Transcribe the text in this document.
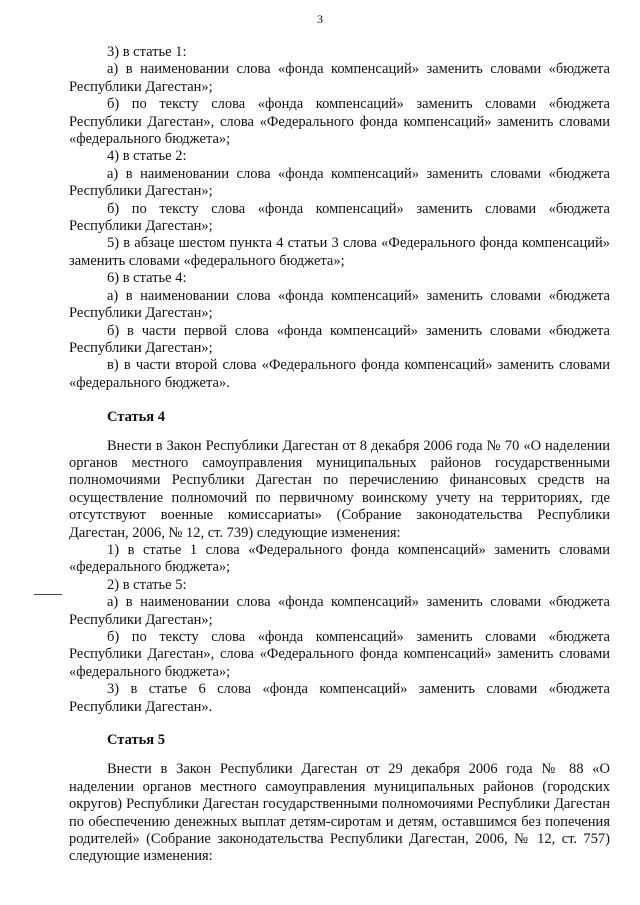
3

3) в статье 1:

а) в наименовании слова «фонда компенсаций» заменить словами «бюджета Республики Дагестан»;

б) по тексту слова «фонда компенсаций» заменить словами «бюджета Республики Дагестан», слова «Федерального фонда компенсаций» заменить словами «федерального бюджета»;

4) в статье 2:

а) в наименовании слова «фонда компенсаций» заменить словами «бюджета Республики Дагестан»;

б) по тексту слова «фонда компенсаций» заменить словами «бюджета Республики Дагестан»;

5) в абзаце шестом пункта 4 статьи 3 слова «Федерального фонда компенсаций» заменить словами «федерального бюджета»;

6) в статье 4:

а) в наименовании слова «фонда компенсаций» заменить словами «бюджета Республики Дагестан»;

б) в части первой слова «фонда компенсаций» заменить словами «бюджета Республики Дагестан»;

в) в части второй слова «Федерального фонда компенсаций» заменить словами «федерального бюджета».

Статья 4

Внести в Закон Республики Дагестан от 8 декабря 2006 года № 70 «О наделении органов местного самоуправления муниципальных районов государственными полномочиями Республики Дагестан по перечислению финансовых средств на осуществление полномочий по первичному воинскому учету на территориях, где отсутствуют военные комиссариаты» (Собрание законодательства Республики Дагестан, 2006, № 12, ст. 739) следующие изменения:

1) в статье 1 слова «Федерального фонда компенсаций» заменить словами «федерального бюджета»;

2) в статье 5:

а) в наименовании слова «фонда компенсаций» заменить словами «бюджета Республики Дагестан»;

б) по тексту слова «фонда компенсаций» заменить словами «бюджета Республики Дагестан», слова «Федерального фонда компенсаций» заменить словами «федерального бюджета»;

3) в статье 6 слова «фонда компенсаций» заменить словами «бюджета Республики Дагестан».

Статья 5

Внести в Закон Республики Дагестан от 29 декабря 2006 года № 88 «О наделении органов местного самоуправления муниципальных районов (городских округов) Республики Дагестан государственными полномочиями Республики Дагестан по обеспечению денежных выплат детям-сиротам и детям, оставшимся без попечения родителей» (Собрание законодательства Республики Дагестан, 2006, № 12, ст. 757) следующие изменения:
